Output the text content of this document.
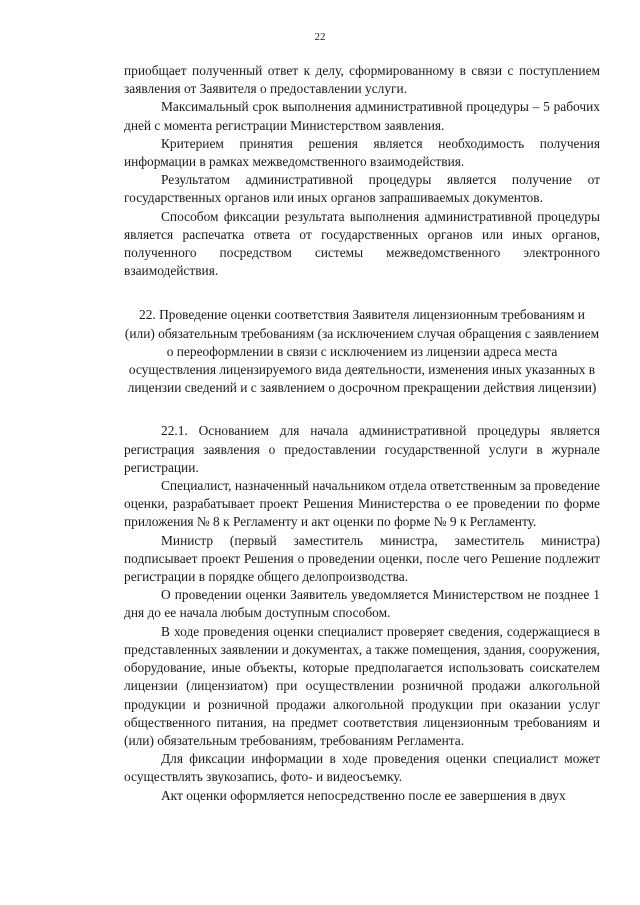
22

приобщает полученный ответ к делу, сформированному в связи с поступлением заявления от Заявителя о предоставлении услуги.

Максимальный срок выполнения административной процедуры – 5 рабочих дней с момента регистрации Министерством заявления.

Критерием принятия решения является необходимость получения информации в рамках межведомственного взаимодействия.

Результатом административной процедуры является получение от государственных органов или иных органов запрашиваемых документов.

Способом фиксации результата выполнения административной процедуры является распечатка ответа от государственных органов или иных органов, полученного посредством системы межведомственного электронного взаимодействия.

22. Проведение оценки соответствия Заявителя лицензионным требованиям и (или) обязательным требованиям (за исключением случая обращения с заявлением о переоформлении в связи с исключением из лицензии адреса места осуществления лицензируемого вида деятельности, изменения иных указанных в лицензии сведений и с заявлением о досрочном прекращении действия лицензии)

22.1. Основанием для начала административной процедуры является регистрация заявления о предоставлении государственной услуги в журнале регистрации.

Специалист, назначенный начальником отдела ответственным за проведение оценки, разрабатывает проект Решения Министерства о ее проведении по форме приложения № 8 к Регламенту и акт оценки по форме № 9 к Регламенту.

Министр (первый заместитель министра, заместитель министра) подписывает проект Решения о проведении оценки, после чего Решение подлежит регистрации в порядке общего делопроизводства.

О проведении оценки Заявитель уведомляется Министерством не позднее 1 дня до ее начала любым доступным способом.

В ходе проведения оценки специалист проверяет сведения, содержащиеся в представленных заявлении и документах, а также помещения, здания, сооружения, оборудование, иные объекты, которые предполагается использовать соискателем лицензии (лицензиатом) при осуществлении розничной продажи алкогольной продукции и розничной продажи алкогольной продукции при оказании услуг общественного питания, на предмет соответствия лицензионным требованиям и (или) обязательным требованиям, требованиям Регламента.

Для фиксации информации в ходе проведения оценки специалист может осуществлять звукозапись, фото- и видеосъемку.

Акт оценки оформляется непосредственно после ее завершения в двух
